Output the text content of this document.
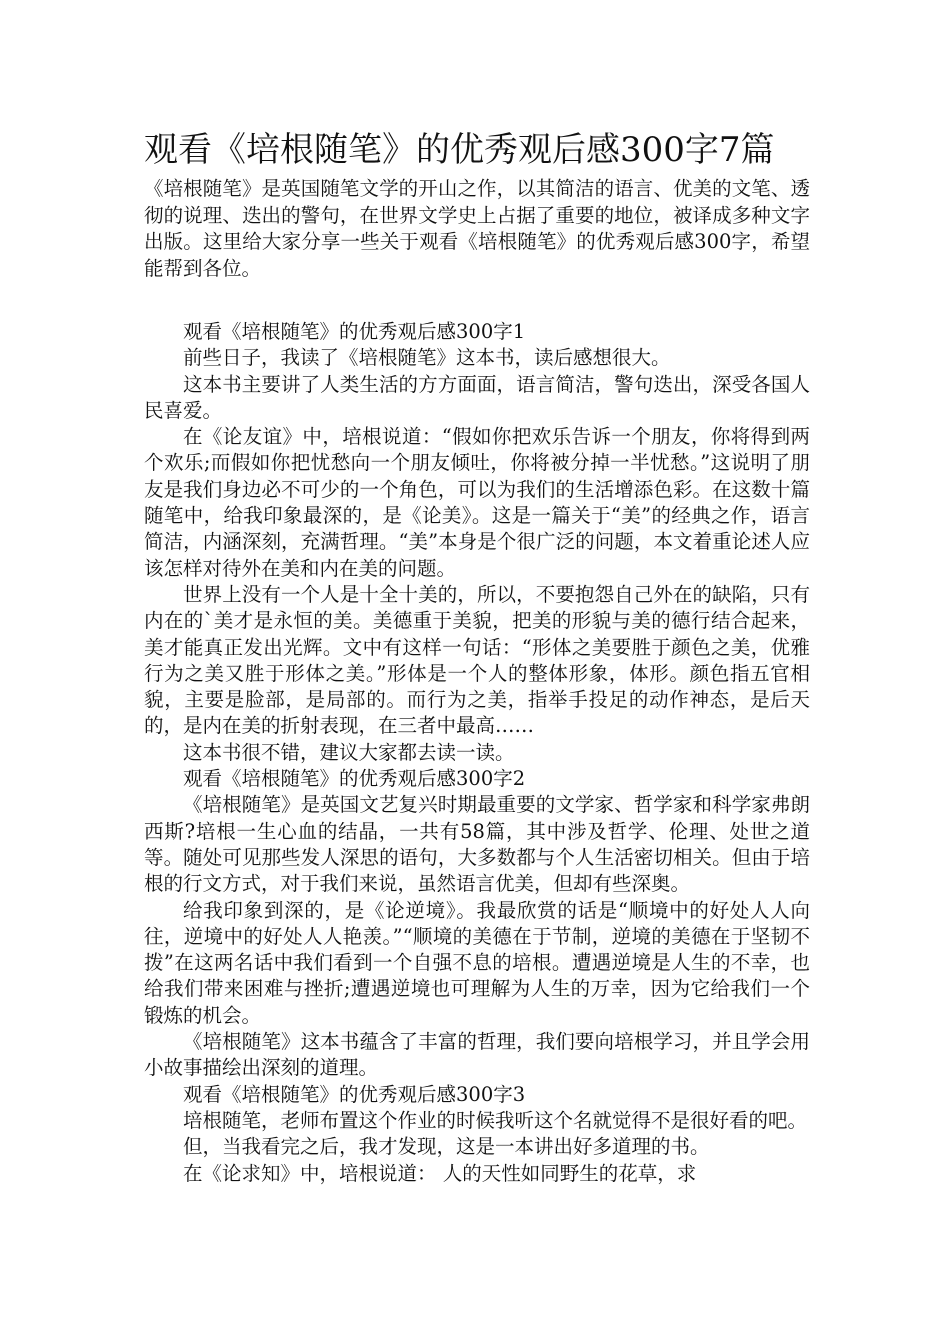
观看《培根随笔》的优秀观后感300字7篇

《培根随笔》是英国随笔文学的开山之作，以其简洁的语言、优美的文笔、透彻的说理、迭出的警句，在世界文学史上占据了重要的地位，被译成多种文字出版。这里给大家分享一些关于观看《培根随笔》的优秀观后感300字，希望能帮到各位。

观看《培根随笔》的优秀观后感300字1

前些日子，我读了《培根随笔》这本书，读后感想很大。

这本书主要讲了人类生活的方方面面，语言简洁，警句迭出，深受各国人民喜爱。

在《论友谊》中，培根说道：“假如你把欢乐告诉一个朋友，你将得到两个欢乐;而假如你把忧愁向一个朋友倾吐，你将被分掉一半忧愁。”这说明了朋友是我们身边必不可少的一个角色，可以为我们的生活增添色彩。在这数十篇随笔中，给我印象最深的，是《论美》。这是一篇关于“美”的经典之作，语言简洁，内涵深刻，充满哲理。“美”本身是个很广泛的问题，本文着重论述人应该怎样对待外在美和内在美的问题。

世界上没有一个人是十全十美的，所以，不要抱怨自己外在的缺陷，只有内在的`美才是永恒的美。美德重于美貌，把美的形貌与美的德行结合起来，美才能真正发出光辉。文中有这样一句话：“形体之美要胜于颜色之美，优雅行为之美又胜于形体之美。”形体是一个人的整体形象，体形。颜色指五官相貌，主要是脸部，是局部的。而行为之美，指举手投足的动作神态，是后天的，是内在美的折射表现，在三者中最高……

这本书很不错，建议大家都去读一读。

观看《培根随笔》的优秀观后感300字2

《培根随笔》是英国文艺复兴时期最重要的文学家、哲学家和科学家弗朗西斯?培根一生心血的结晶，一共有58篇，其中涉及哲学、伦理、处世之道等。随处可见那些发人深思的语句，大多数都与个人生活密切相关。但由于培根的行文方式，对于我们来说，虽然语言优美，但却有些深奥。

给我印象到深的，是《论逆境》。我最欣赏的话是“顺境中的好处人人向往，逆境中的好处人人艳羡。”“顺境的美德在于节制，逆境的美德在于坚韧不拨”在这两名话中我们看到一个自强不息的培根。遭遇逆境是人生的不幸，也给我们带来困难与挫折;遭遇逆境也可理解为人生的万幸，因为它给我们一个锻炼的机会。

《培根随笔》这本书蕴含了丰富的哲理，我们要向培根学习，并且学会用小故事描绘出深刻的道理。

观看《培根随笔》的优秀观后感300字3

培根随笔，老师布置这个作业的时候我听这个名就觉得不是很好看的吧。

但，当我看完之后，我才发现，这是一本讲出好多道理的书。

在《论求知》中，培根说道： 人的天性如同野生的花草，求
